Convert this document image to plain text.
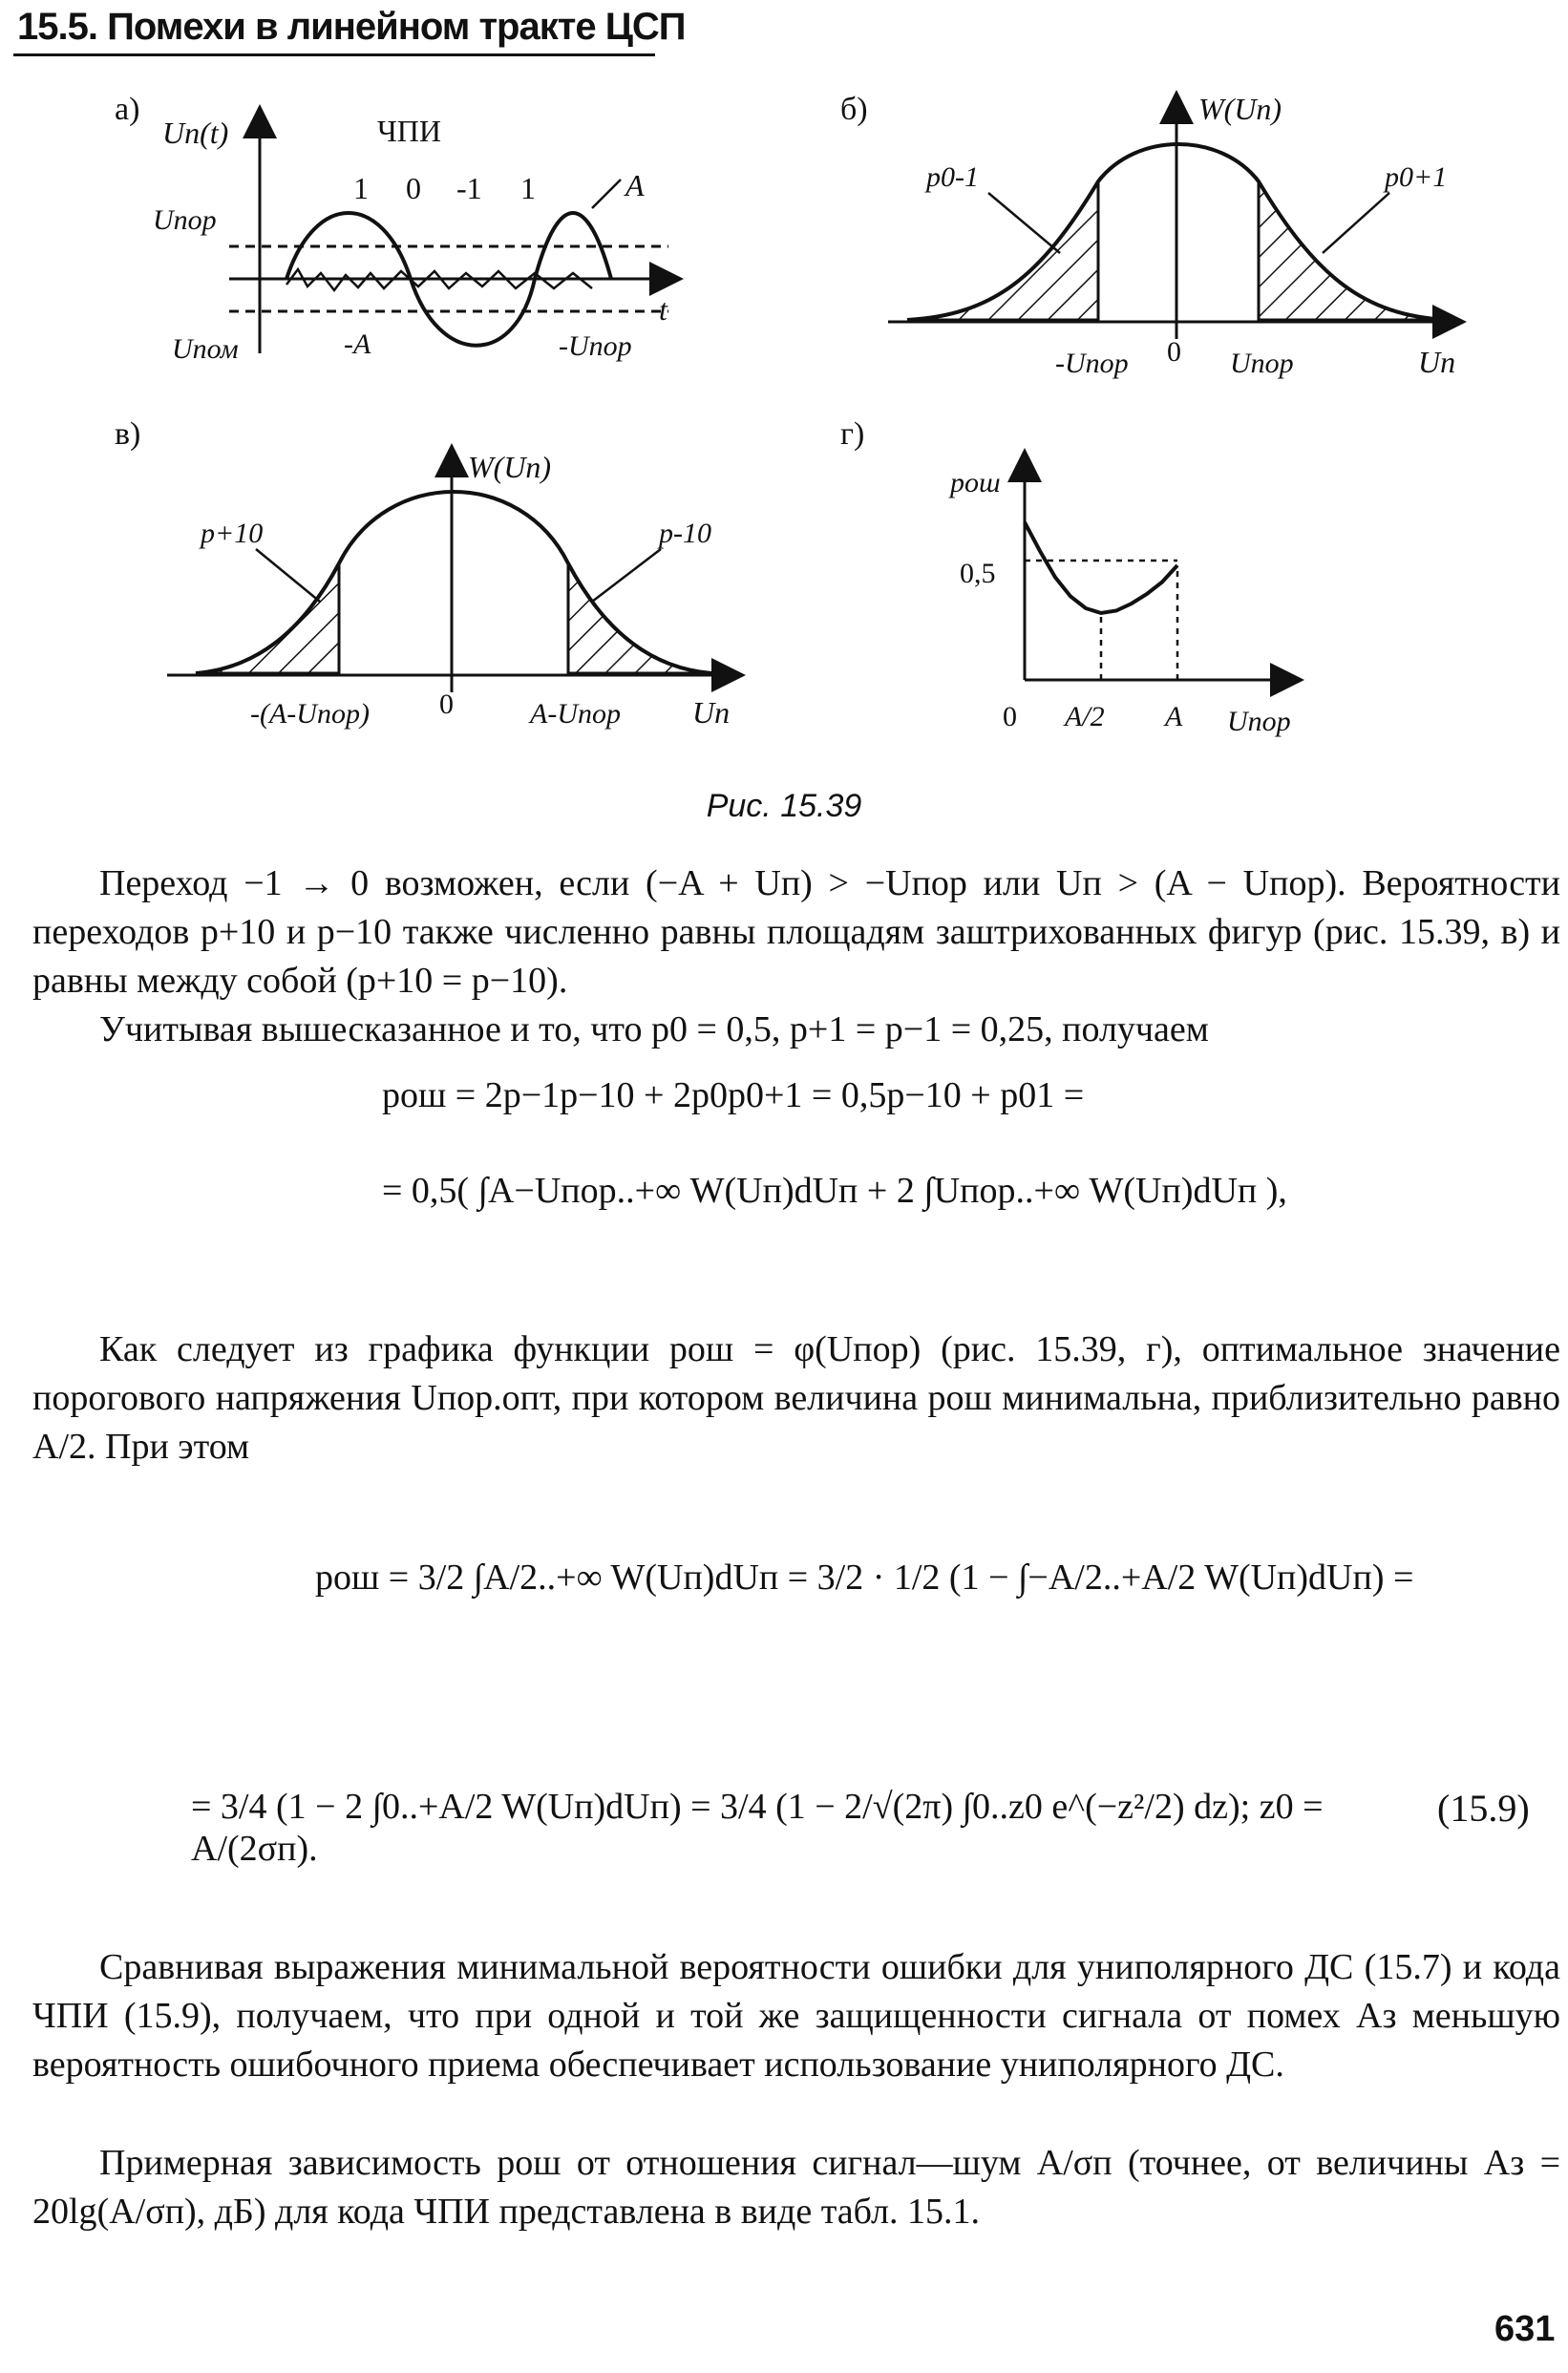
15.5. Помехи в линейном тракте ЦСП
а)
Uп(t)	ЧПИ
1 0 -1 1	A
Uпор
Uпом	-A	-Uпор
t
б)	W(Uп)
p0-1	p0+1
-Uпор 0 Uпор	Uп
в)
W(Uп)
p+10	p-10
-(A-Uпор) 0	A-Uпор Uп
г)
pош
0,5
0 A/2 A Uпор
Рис. 15.39

Переход −1 → 0 возможен, если (−A + Uп) > −Uпор или Uп > (A − Uпор). Вероятности переходов p+10 и p−10 также численно равны площадям заштрихованных фигур (рис. 15.39, в) и равны между собой (p+10 = p−10).

Учитывая вышесказанное и то, что p0 = 0,5, p+1 = p−1 = 0,25, получаем

pош = 2p−1p−10 + 2p0p0+1 = 0,5p−10 + p01 =
= 0,5( ∫A−Uпор..+∞ W(Uп)dUп + 2 ∫Uпор..+∞ W(Uп)dUп ),

Как следует из графика функции pош = φ(Uпор) (рис. 15.39, г), оптимальное значение порогового напряжения Uпор.опт, при котором величина pош минимальна, приблизительно равно A/2. При этом

pош = 3/2 ∫A/2..+∞ W(Uп)dUп = 3/2 · 1/2 (1 − ∫−A/2..+A/2 W(Uп)dUп) =
= 3/4 (1 − 2 ∫0..+A/2 W(Uп)dUп) = 3/4 (1 − 2/√(2π) ∫0..z0 e^(−z²/2) dz); z0 = A/(2σп).
(15.9)

Сравнивая выражения минимальной вероятности ошибки для униполярного ДС (15.7) и кода ЧПИ (15.9), получаем, что при одной и той же защищенности сигнала от помех Aз меньшую вероятность ошибочного приема обеспечивает использование униполярного ДС.

Примерная зависимость pош от отношения сигнал—шум A/σп (точнее, от величины Aз = 20lg(A/σп), дБ) для кода ЧПИ представлена в виде табл. 15.1.

631
